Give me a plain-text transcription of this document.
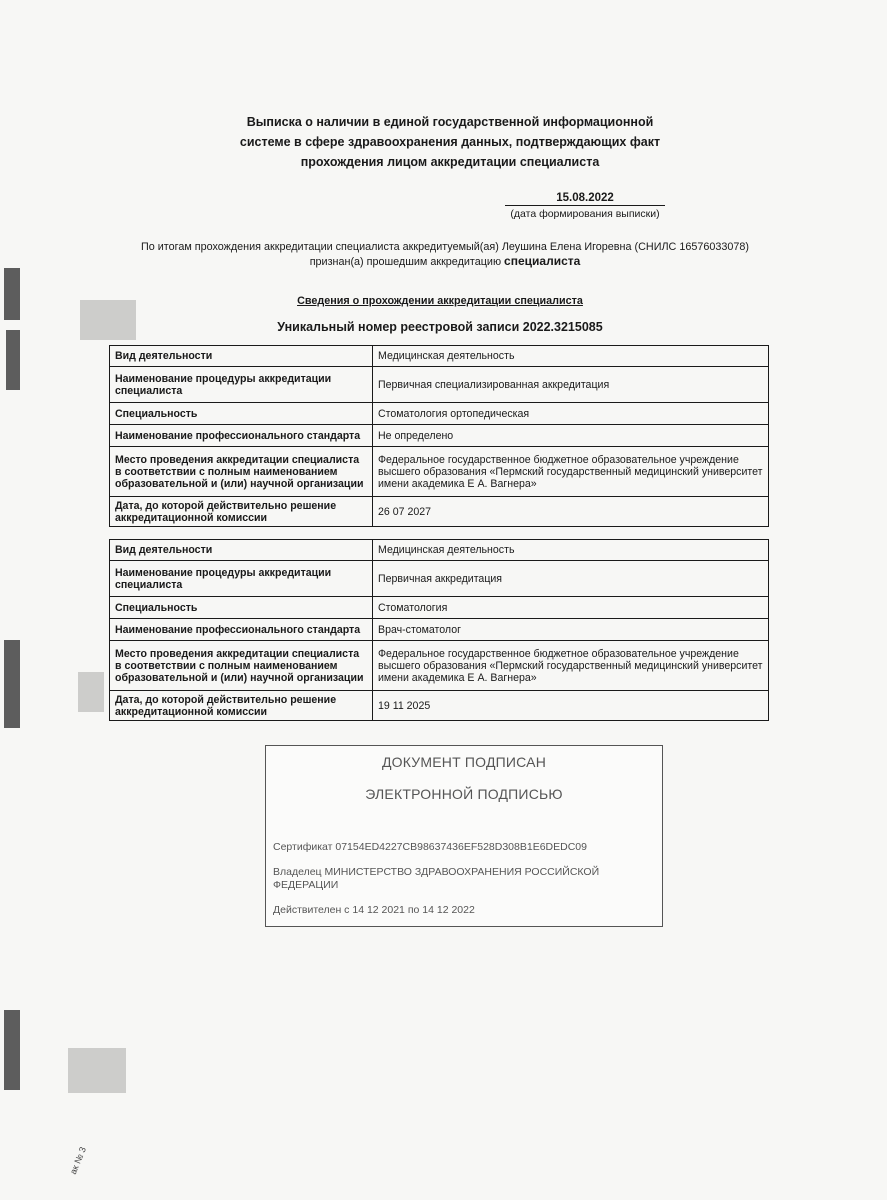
Выписка о наличии в единой государственной информационной
системе в сфере здравоохранения данных, подтверждающих факт
прохождения лицом аккредитации специалиста
15.08.2022
(дата формирования выписки)
По итогам прохождения аккредитации специалиста аккредитуемый(ая) Леушина Елена Игоревна (СНИЛС 16576033078)
признан(а) прошедшим аккредитацию специалиста
Сведения о прохождении аккредитации специалиста
Уникальный номер реестровой записи 2022.3215085
Вид деятельности	Медицинская деятельность
Наименование процедуры аккредитации специалиста	Первичная специализированная аккредитация
Специальность	Стоматология ортопедическая
Наименование профессионального стандарта	Не определено
Место проведения аккредитации специалиста в соответствии с полным наименованием образовательной и (или) научной организации	Федеральное государственное бюджетное образовательное учреждение высшего образования «Пермский государственный медицинский университет имени академика Е А. Вагнера»
Дата, до которой действительно решение аккредитационной комиссии	26 07 2027
Вид деятельности	Медицинская деятельность
Наименование процедуры аккредитации специалиста	Первичная аккредитация
Специальность	Стоматология
Наименование профессионального стандарта	Врач-стоматолог
Место проведения аккредитации специалиста в соответствии с полным наименованием образовательной и (или) научной организации	Федеральное государственное бюджетное образовательное учреждение высшего образования «Пермский государственный медицинский университет имени академика Е А. Вагнера»
Дата, до которой действительно решение аккредитационной комиссии	19 11 2025
ДОКУМЕНТ ПОДПИСАН
ЭЛЕКТРОННОЙ ПОДПИСЬЮ
Сертификат 07154ED4227CB98637436EF528D308B1E6DEDC09
Владелец МИНИСТЕРСТВО ЗДРАВООХРАНЕНИЯ РОССИЙСКОЙ ФЕДЕРАЦИИ
Действителен с 14 12 2021 по 14 12 2022
ак № 3
